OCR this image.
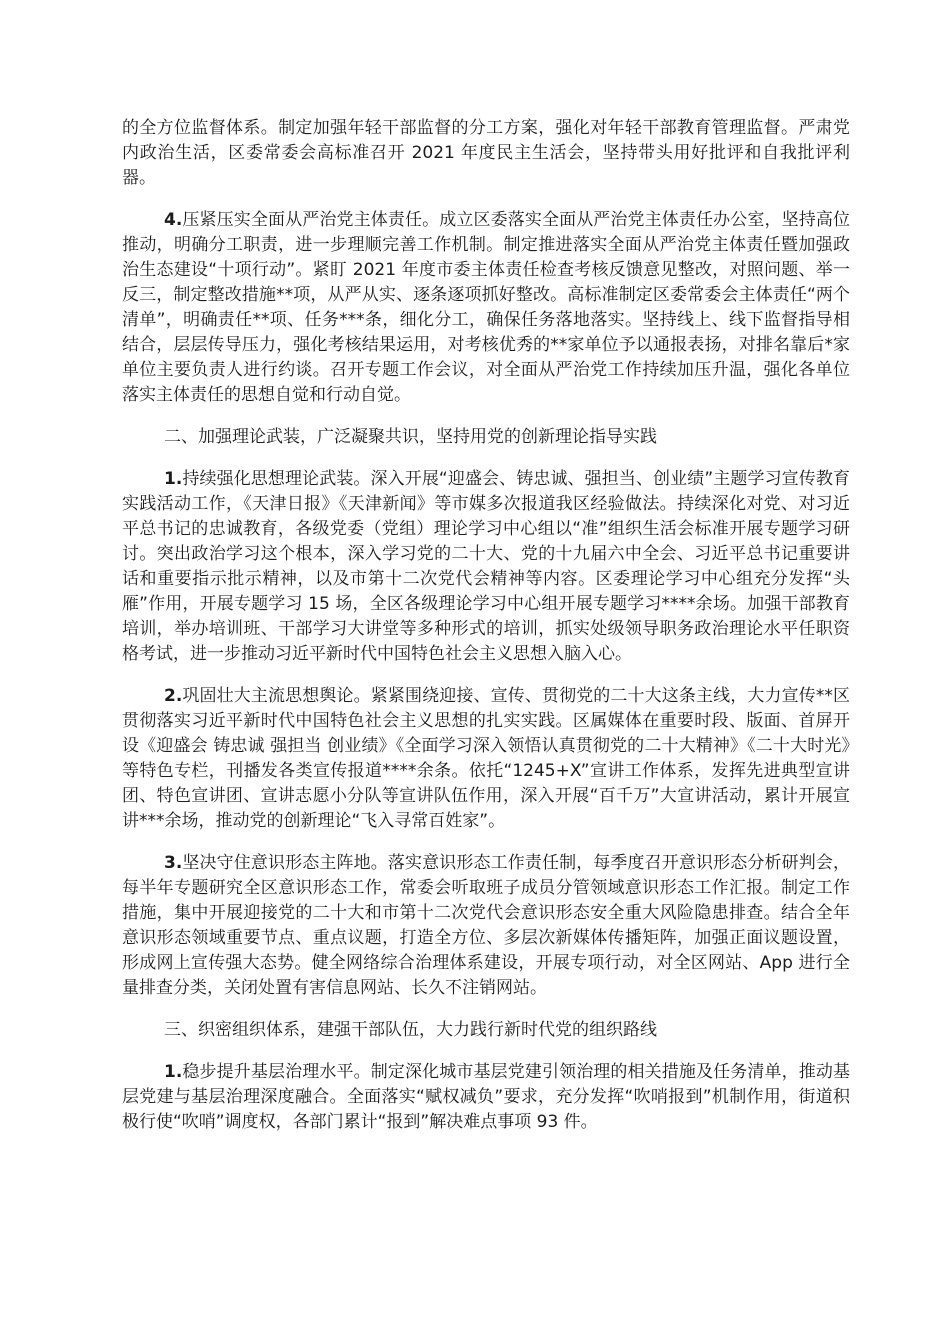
的全方位监督体系。制定加强年轻干部监督的分工方案，强化对年轻干部教育管理监督。严肃党内政治生活，区委常委会高标准召开 2021 年度民主生活会，坚持带头用好批评和自我批评利器。

4.压紧压实全面从严治党主体责任。成立区委落实全面从严治党主体责任办公室，坚持高位推动，明确分工职责，进一步理顺完善工作机制。制定推进落实全面从严治党主体责任暨加强政治生态建设“十项行动”。紧盯 2021 年度市委主体责任检查考核反馈意见整改，对照问题、举一反三，制定整改措施**项，从严从实、逐条逐项抓好整改。高标准制定区委常委会主体责任“两个清单”，明确责任**项、任务***条，细化分工，确保任务落地落实。坚持线上、线下监督指导相结合，层层传导压力，强化考核结果运用，对考核优秀的**家单位予以通报表扬，对排名靠后*家单位主要负责人进行约谈。召开专题工作会议，对全面从严治党工作持续加压升温，强化各单位落实主体责任的思想自觉和行动自觉。

二、加强理论武装，广泛凝聚共识，坚持用党的创新理论指导实践

1.持续强化思想理论武装。深入开展“迎盛会、铸忠诚、强担当、创业绩”主题学习宣传教育实践活动工作，《天津日报》《天津新闻》等市媒多次报道我区经验做法。持续深化对党、对习近平总书记的忠诚教育，各级党委（党组）理论学习中心组以“准”组织生活会标准开展专题学习研讨。突出政治学习这个根本，深入学习党的二十大、党的十九届六中全会、习近平总书记重要讲话和重要指示批示精神，以及市第十二次党代会精神等内容。区委理论学习中心组充分发挥“头雁”作用，开展专题学习 15 场，全区各级理论学习中心组开展专题学习****余场。加强干部教育培训，举办培训班、干部学习大讲堂等多种形式的培训，抓实处级领导职务政治理论水平任职资格考试，进一步推动习近平新时代中国特色社会主义思想入脑入心。

2.巩固壮大主流思想舆论。紧紧围绕迎接、宣传、贯彻党的二十大这条主线，大力宣传**区贯彻落实习近平新时代中国特色社会主义思想的扎实实践。区属媒体在重要时段、版面、首屏开设《迎盛会 铸忠诚 强担当 创业绩》《全面学习深入领悟认真贯彻党的二十大精神》《二十大时光》等特色专栏，刊播发各类宣传报道****余条。依托“1245+X”宣讲工作体系，发挥先进典型宣讲团、特色宣讲团、宣讲志愿小分队等宣讲队伍作用，深入开展“百千万”大宣讲活动，累计开展宣讲***余场，推动党的创新理论“飞入寻常百姓家”。

3.坚决守住意识形态主阵地。落实意识形态工作责任制，每季度召开意识形态分析研判会，每半年专题研究全区意识形态工作，常委会听取班子成员分管领域意识形态工作汇报。制定工作措施，集中开展迎接党的二十大和市第十二次党代会意识形态安全重大风险隐患排查。结合全年意识形态领域重要节点、重点议题，打造全方位、多层次新媒体传播矩阵，加强正面议题设置，形成网上宣传强大态势。健全网络综合治理体系建设，开展专项行动，对全区网站、App 进行全量排查分类，关闭处置有害信息网站、长久不注销网站。

三、织密组织体系，建强干部队伍，大力践行新时代党的组织路线

1.稳步提升基层治理水平。制定深化城市基层党建引领治理的相关措施及任务清单，推动基层党建与基层治理深度融合。全面落实“赋权减负”要求，充分发挥“吹哨报到”机制作用，街道积极行使“吹哨”调度权，各部门累计“报到”解决难点事项 93 件。
